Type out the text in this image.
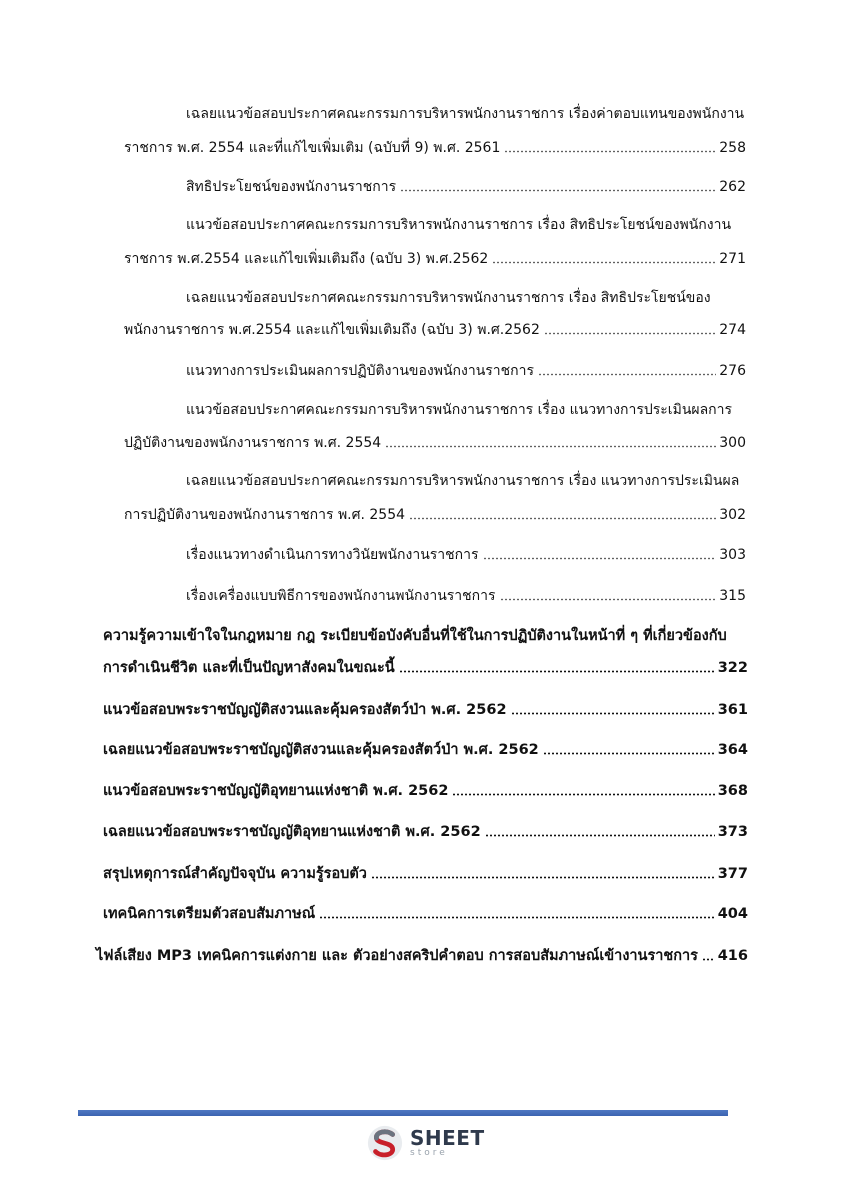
เฉลยแนวข้อสอบประกาศคณะกรรมการบริหารพนักงานราชการ เรื่องค่าตอบแทนของพนักงาน
ราชการ พ.ศ. 2554 และที่แก้ไขเพิ่มเติม (ฉบับที่ 9) พ.ศ. 2561	258
สิทธิประโยชน์ของพนักงานราชการ	262
แนวข้อสอบประกาศคณะกรรมการบริหารพนักงานราชการ เรื่อง สิทธิประโยชน์ของพนักงาน
ราชการ พ.ศ.2554 และแก้ไขเพิ่มเติมถึง (ฉบับ 3) พ.ศ.2562	271
เฉลยแนวข้อสอบประกาศคณะกรรมการบริหารพนักงานราชการ เรื่อง สิทธิประโยชน์ของ
พนักงานราชการ พ.ศ.2554 และแก้ไขเพิ่มเติมถึง (ฉบับ 3) พ.ศ.2562	274
แนวทางการประเมินผลการปฏิบัติงานของพนักงานราชการ	276
แนวข้อสอบประกาศคณะกรรมการบริหารพนักงานราชการ เรื่อง แนวทางการประเมินผลการ
ปฏิบัติงานของพนักงานราชการ พ.ศ. 2554	300
เฉลยแนวข้อสอบประกาศคณะกรรมการบริหารพนักงานราชการ เรื่อง แนวทางการประเมินผล
การปฏิบัติงานของพนักงานราชการ พ.ศ. 2554	302
เรื่องแนวทางดำเนินการทางวินัยพนักงานราชการ	303
เรื่องเครื่องแบบพิธีการของพนักงานพนักงานราชการ	315
ความรู้ความเข้าใจในกฎหมาย กฎ ระเบียบข้อบังคับอื่นที่ใช้ในการปฏิบัติงานในหน้าที่ ๆ ที่เกี่ยวข้องกับ
การดำเนินชีวิต และที่เป็นปัญหาสังคมในขณะนี้	322
แนวข้อสอบพระราชบัญญัติสงวนและคุ้มครองสัตว์ป่า พ.ศ. 2562	361
เฉลยแนวข้อสอบพระราชบัญญัติสงวนและคุ้มครองสัตว์ป่า พ.ศ. 2562	364
แนวข้อสอบพระราชบัญญัติอุทยานแห่งชาติ พ.ศ. 2562	368
เฉลยแนวข้อสอบพระราชบัญญัติอุทยานแห่งชาติ พ.ศ. 2562	373
สรุปเหตุการณ์สำคัญปัจจุบัน ความรู้รอบตัว	377
เทคนิคการเตรียมตัวสอบสัมภาษณ์	404
ไฟล์เสียง MP3 เทคนิคการแต่งกาย และ ตัวอย่างสคริปคำตอบ การสอบสัมภาษณ์เข้างานราชการ 416
SHEET
store
